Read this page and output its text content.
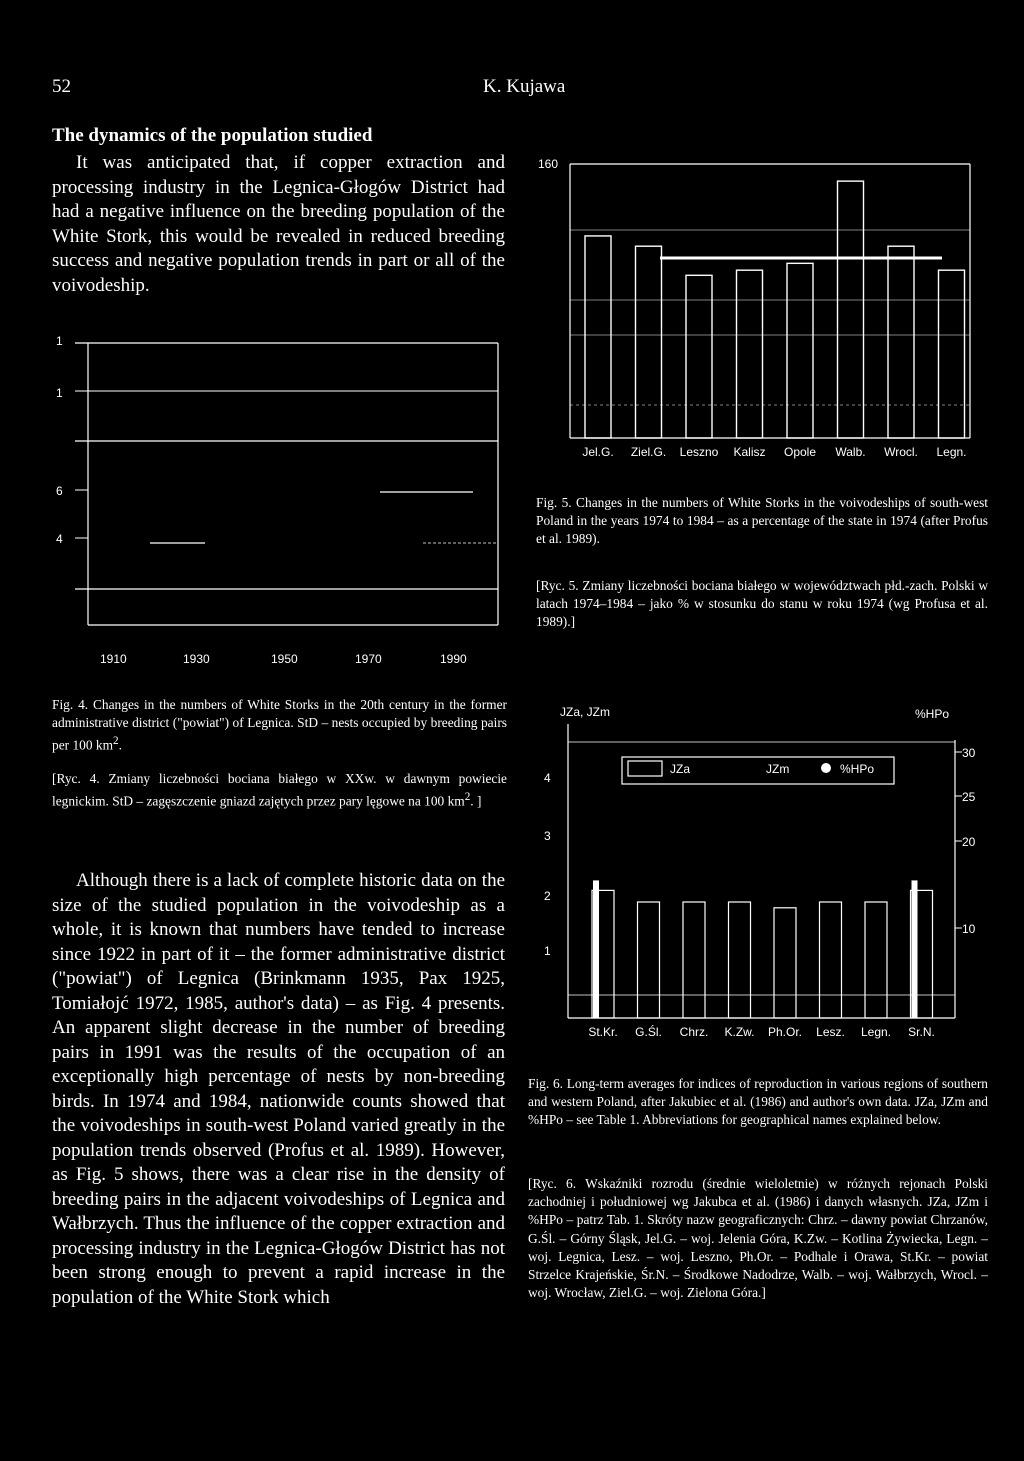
52	K. Kujawa
The dynamics of the population studied

It was anticipated that, if copper extraction and processing industry in the Legnica-Głogów District had had a negative influence on the breeding population of the White Stork, this would be revealed in reduced breeding success and negative population trends in part or all of the voivodeship.

1
1
6
4
1910	1930	1950	1970	1990
Fig. 4. Changes in the numbers of White Storks in the 20th century in the former administrative district ("powiat") of Legnica. StD – nests occupied by breeding pairs per 100 $km^2$.
[Ryc. 4. Zmiany liczebności bociana białego w XXw. w dawnym powiecie legnickim. StD – zagęszczenie gniazd zajętych przez pary lęgowe na 100 $km^2$. ]

Although there is a lack of complete historic data on the size of the studied population in the voivodeship as a whole, it is known that numbers have tended to increase since 1922 in part of it – the former administrative district ("powiat") of Legnica (Brinkmann 1935, Pax 1925, Tomiałojć 1972, 1985, author's data) – as Fig. 4 presents. An apparent slight decrease in the number of breeding pairs in 1991 was the results of the occupation of an exceptionally high percentage of nests by non-breeding birds. In 1974 and 1984, nationwide counts showed that the voivodeships in south-west Poland varied greatly in the population trends observed (Profus et al. 1989). However, as Fig. 5 shows, there was a clear rise in the density of breeding pairs in the adjacent voivodeships of Legnica and Wałbrzych. Thus the influence of the copper extraction and processing industry in the Legnica-Głogów District has not been strong enough to prevent a rapid increase in the population of the White Stork which

160
Jel.G. Ziel.G. Leszno Kalisz Opole Walb. Wrocl. Legn.
Fig. 5. Changes in the numbers of White Storks in the voivodeships of south-west Poland in the years 1974 to 1984 – as a percentage of the state in 1974 (after Profus et al. 1989).
[Ryc. 5. Zmiany liczebności bociana białego w województwach płd.-zach. Polski w latach 1974–1984 – jako % w stosunku do stanu w roku 1974 (wg Profusa et al. 1989).]
JZa, JZm	%HPo
4
3
2
1
30
25
20
10
JZa	JZm	%HPo
St.Kr. G.Śl. Chrz. K.Zw. Ph.Or. Lesz. Legn. Sr.N.
Fig. 6. Long-term averages for indices of reproduction in various regions of southern and western Poland, after Jakubiec et al. (1986) and author's own data. JZa, JZm and %HPo – see Table 1. Abbreviations for geographical names explained below.
[Ryc. 6. Wskaźniki rozrodu (średnie wieloletnie) w różnych rejonach Polski zachodniej i południowej wg Jakubca et al. (1986) i danych własnych. JZa, JZm i %HPo – patrz Tab. 1. Skróty nazw geograficznych: Chrz. – dawny powiat Chrzanów, G.Śl. – Górny Śląsk, Jel.G. – woj. Jelenia Góra, K.Zw. – Kotlina Żywiecka, Legn. – woj. Legnica, Lesz. – woj. Leszno, Ph.Or. – Podhale i Orawa, St.Kr. – powiat Strzelce Krajeńskie, Śr.N. – Środkowe Nadodrze, Walb. – woj. Wałbrzych, Wrocl. – woj. Wrocław, Ziel.G. – woj. Zielona Góra.]
